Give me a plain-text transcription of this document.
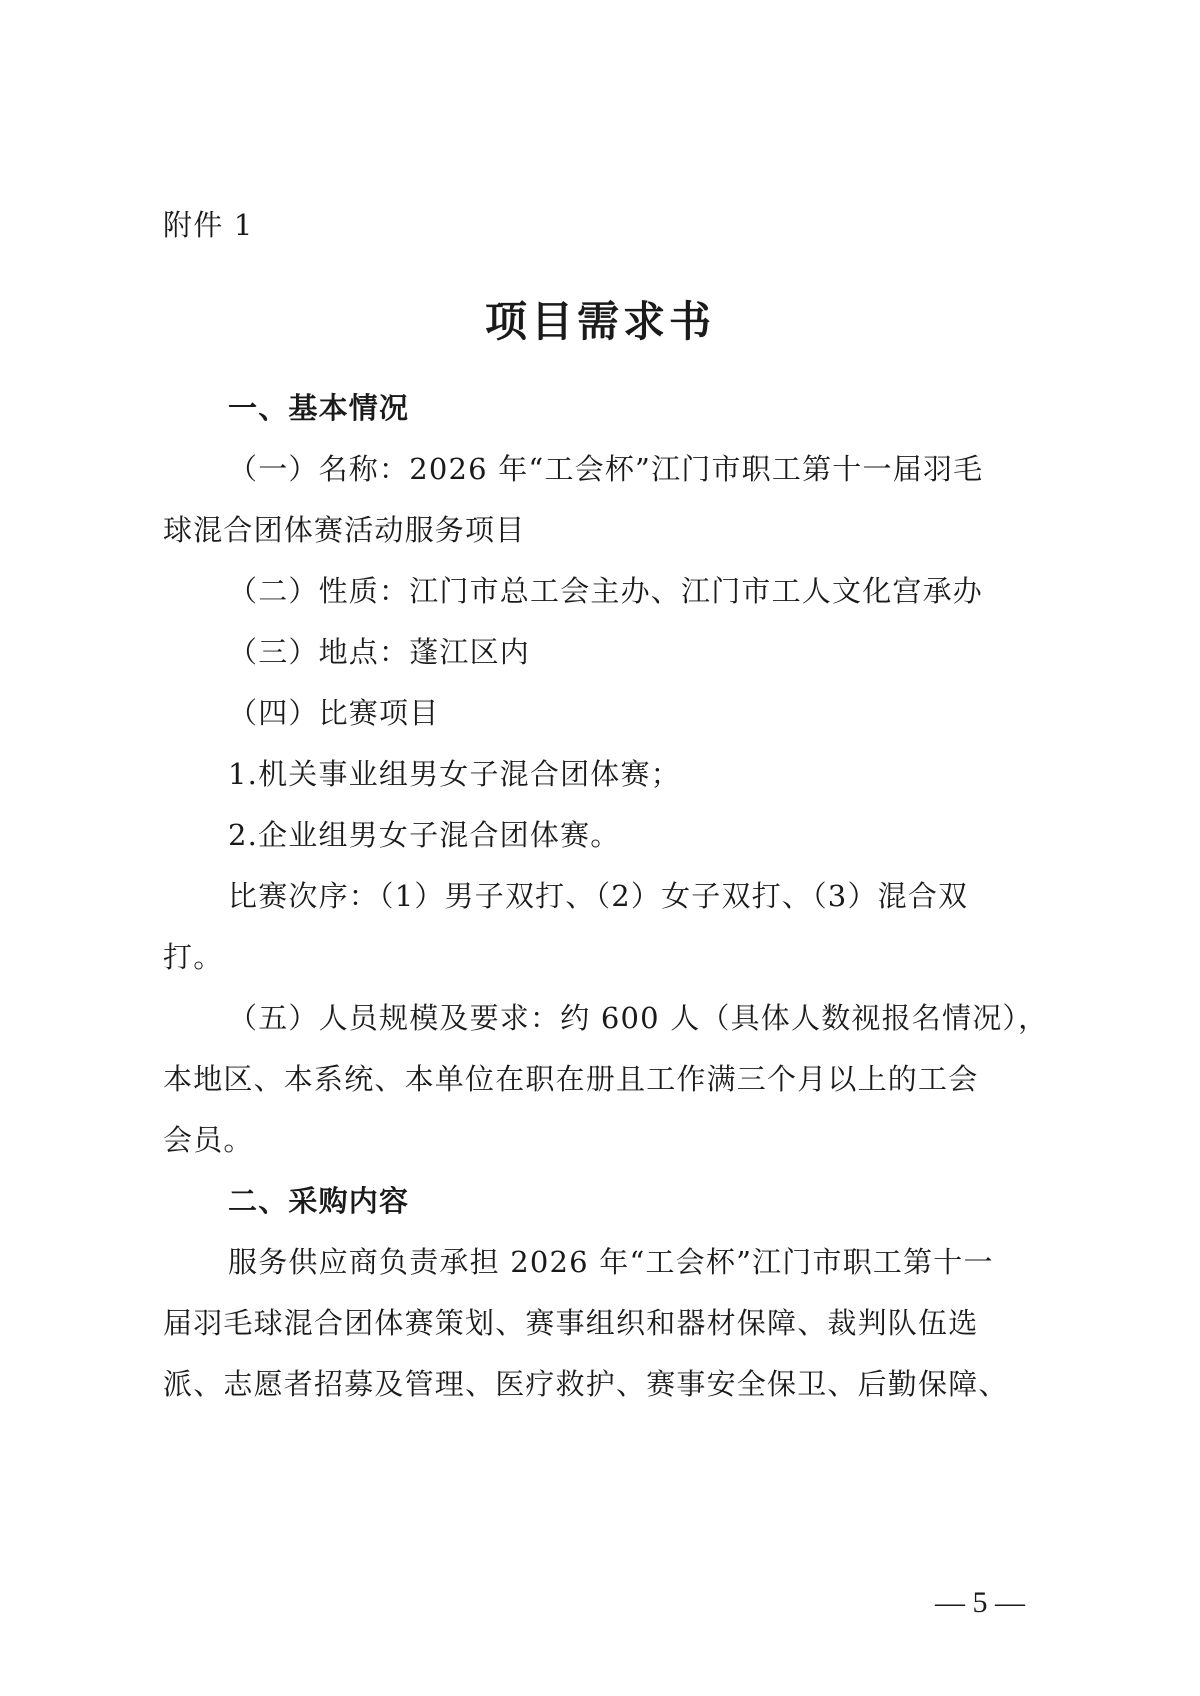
附件 1
项目需求书
一、基本情况
（一）名称：2026 年“工会杯”江门市职工第十一届羽毛
球混合团体赛活动服务项目
（二）性质：江门市总工会主办、江门市工人文化宫承办
（三）地点：蓬江区内
（四）比赛项目
1.机关事业组男女子混合团体赛；
2.企业组男女子混合团体赛。
比赛次序：（1）男子双打、（2）女子双打、（3）混合双
打。
（五）人员规模及要求：约 600 人（具体人数视报名情况），
本地区、本系统、本单位在职在册且工作满三个月以上的工会
会员。
二、采购内容
服务供应商负责承担 2026 年“工会杯”江门市职工第十一
届羽毛球混合团体赛策划、赛事组织和器材保障、裁判队伍选
派、志愿者招募及管理、医疗救护、赛事安全保卫、后勤保障、
— 5 —
